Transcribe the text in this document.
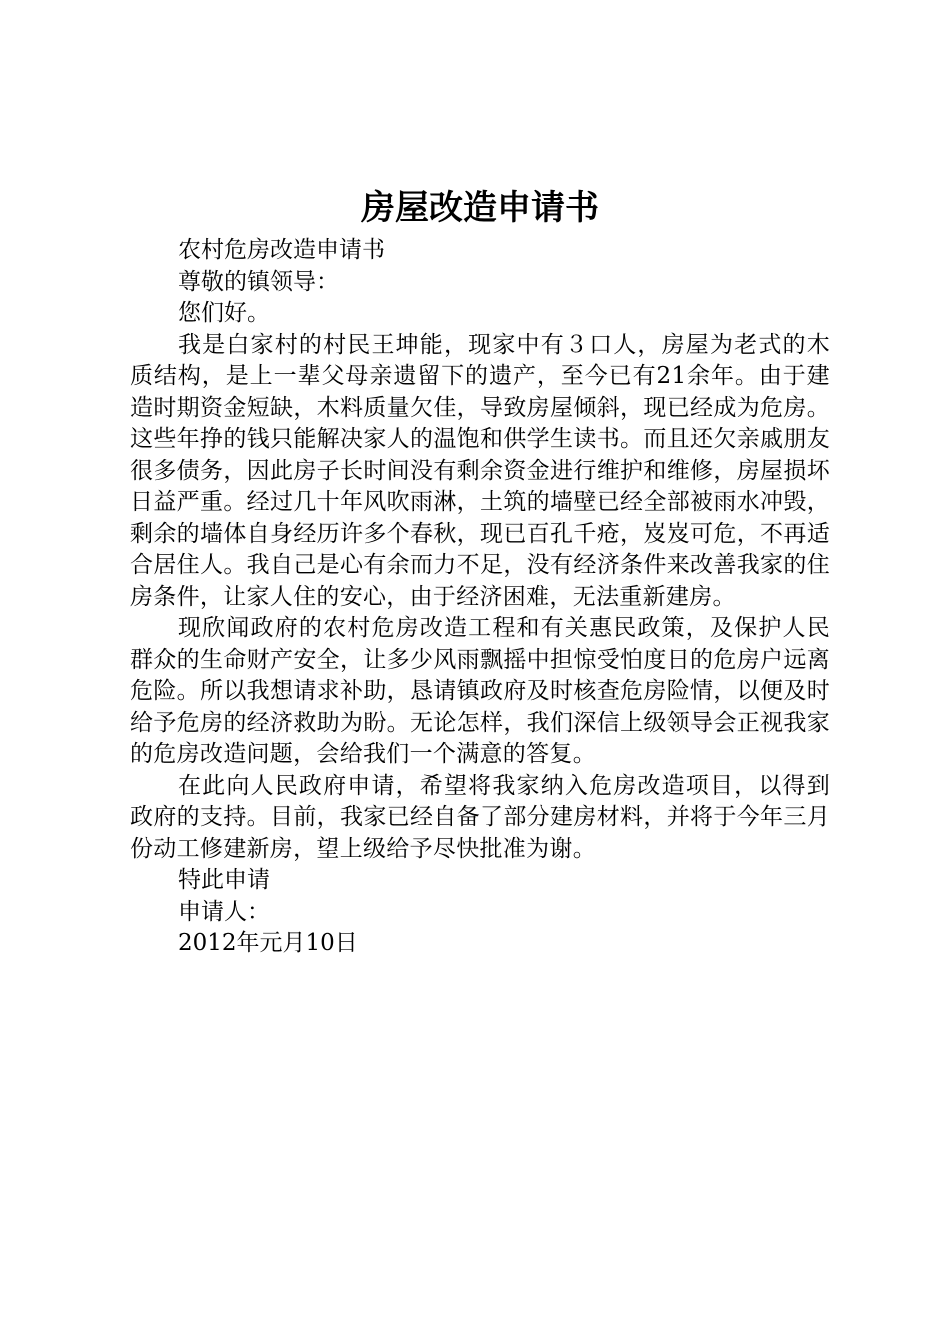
房屋改造申请书
农村危房改造申请书
尊敬的镇领导：
您们好。

我是白家村的村民王坤能，现家中有３口人，房屋为老式的木质结构，是上一辈父母亲遗留下的遗产，至今已有21余年。由于建造时期资金短缺，木料质量欠佳，导致房屋倾斜，现已经成为危房。这些年挣的钱只能解决家人的温饱和供学生读书。而且还欠亲戚朋友很多债务，因此房子长时间没有剩余资金进行维护和维修，房屋损坏日益严重。经过几十年风吹雨淋，土筑的墙壁已经全部被雨水冲毁，剩余的墙体自身经历许多个春秋，现已百孔千疮，岌岌可危，不再适合居住人。我自己是心有余而力不足，没有经济条件来改善我家的住房条件，让家人住的安心，由于经济困难，无法重新建房。

现欣闻政府的农村危房改造工程和有关惠民政策，及保护人民群众的生命财产安全，让多少风雨飘摇中担惊受怕度日的危房户远离危险。所以我想请求补助，恳请镇政府及时核查危房险情，以便及时给予危房的经济救助为盼。无论怎样，我们深信上级领导会正视我家的危房改造问题，会给我们一个满意的答复。

在此向人民政府申请，希望将我家纳入危房改造项目，以得到政府的支持。目前，我家已经自备了部分建房材料，并将于今年三月份动工修建新房，望上级给予尽快批准为谢。

特此申请
申请人：
2012年元月10日
